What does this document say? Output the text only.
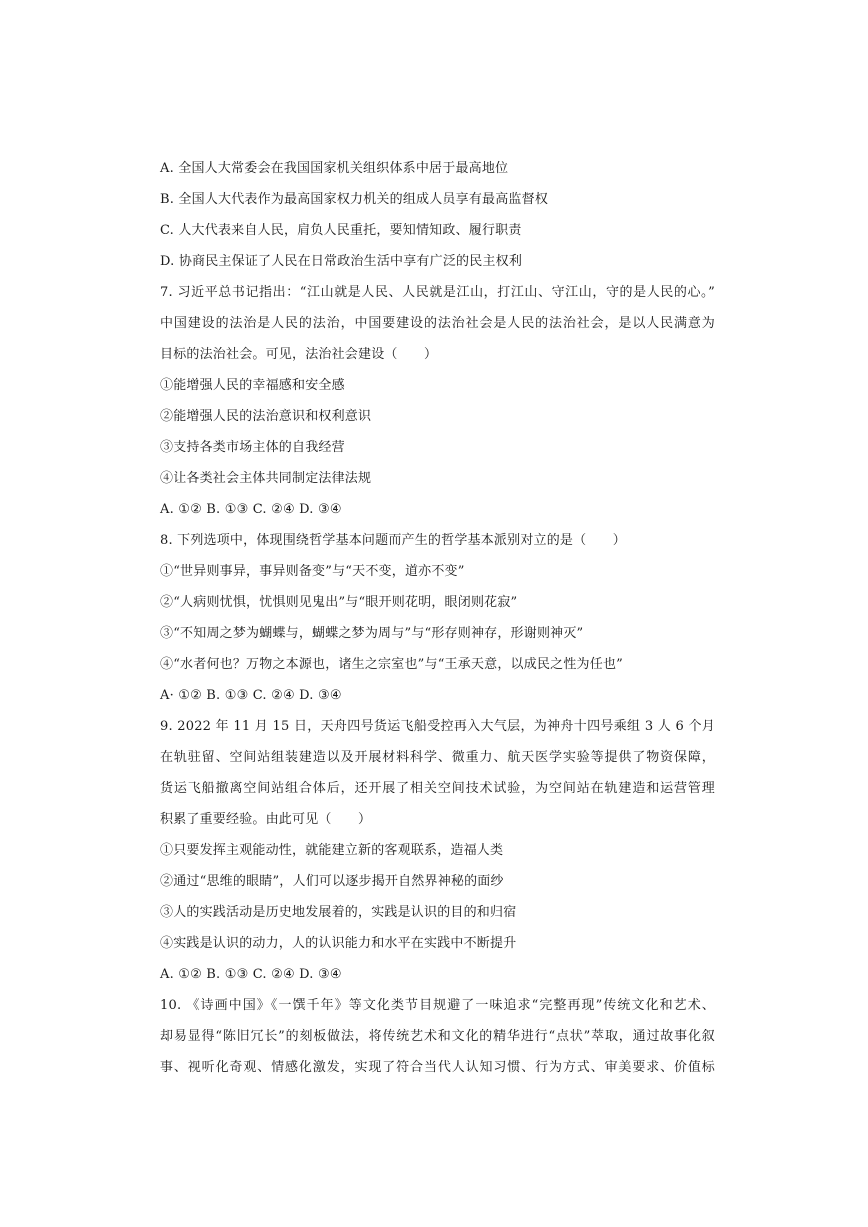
A. 全国人大常委会在我国国家机关组织体系中居于最高地位
B. 全国人大代表作为最高国家权力机关的组成人员享有最高监督权
C. 人大代表来自人民，肩负人民重托，要知情知政、履行职责
D. 协商民主保证了人民在日常政治生活中享有广泛的民主权利
7. 习近平总书记指出：“江山就是人民、人民就是江山，打江山、守江山，守的是人民的心。”
中国建设的法治是人民的法治，中国要建设的法治社会是人民的法治社会，是以人民满意为
目标的法治社会。可见，法治社会建设（　　）
①能增强人民的幸福感和安全感
②能增强人民的法治意识和权利意识
③支持各类市场主体的自我经营
④让各类社会主体共同制定法律法规
A. ①② B. ①③ C. ②④ D. ③④
8. 下列选项中，体现围绕哲学基本问题而产生的哲学基本派别对立的是（　　）
①“世异则事异，事异则备变”与“天不变，道亦不变”
②“人病则忧惧，忧惧则见鬼出”与“眼开则花明，眼闭则花寂”
③“不知周之梦为蝴蝶与，蝴蝶之梦为周与”与“形存则神存，形谢则神灭”
④“水者何也？万物之本源也，诸生之宗室也”与“王承天意，以成民之性为任也”
A· ①② B. ①③ C. ②④ D. ③④
9. 2022 年 11 月 15 日，天舟四号货运飞船受控再入大气层，为神舟十四号乘组 3 人 6 个月
在轨驻留、空间站组装建造以及开展材料科学、微重力、航天医学实验等提供了物资保障，
货运飞船撤离空间站组合体后，还开展了相关空间技术试验，为空间站在轨建造和运营管理
积累了重要经验。由此可见（　　）
①只要发挥主观能动性，就能建立新的客观联系，造福人类
②通过“思维的眼睛”，人们可以逐步揭开自然界神秘的面纱
③人的实践活动是历史地发展着的，实践是认识的目的和归宿
④实践是认识的动力，人的认识能力和水平在实践中不断提升
A. ①② B. ①③ C. ②④ D. ③④
10. 《诗画中国》《一馔千年》等文化类节目规避了一味追求“完整再现”传统文化和艺术、
却易显得“陈旧冗长”的刻板做法，将传统艺术和文化的精华进行“点状”萃取，通过故事化叙
事、视听化奇观、情感化激发，实现了符合当代人认知习惯、行为方式、审美要求、价值标
